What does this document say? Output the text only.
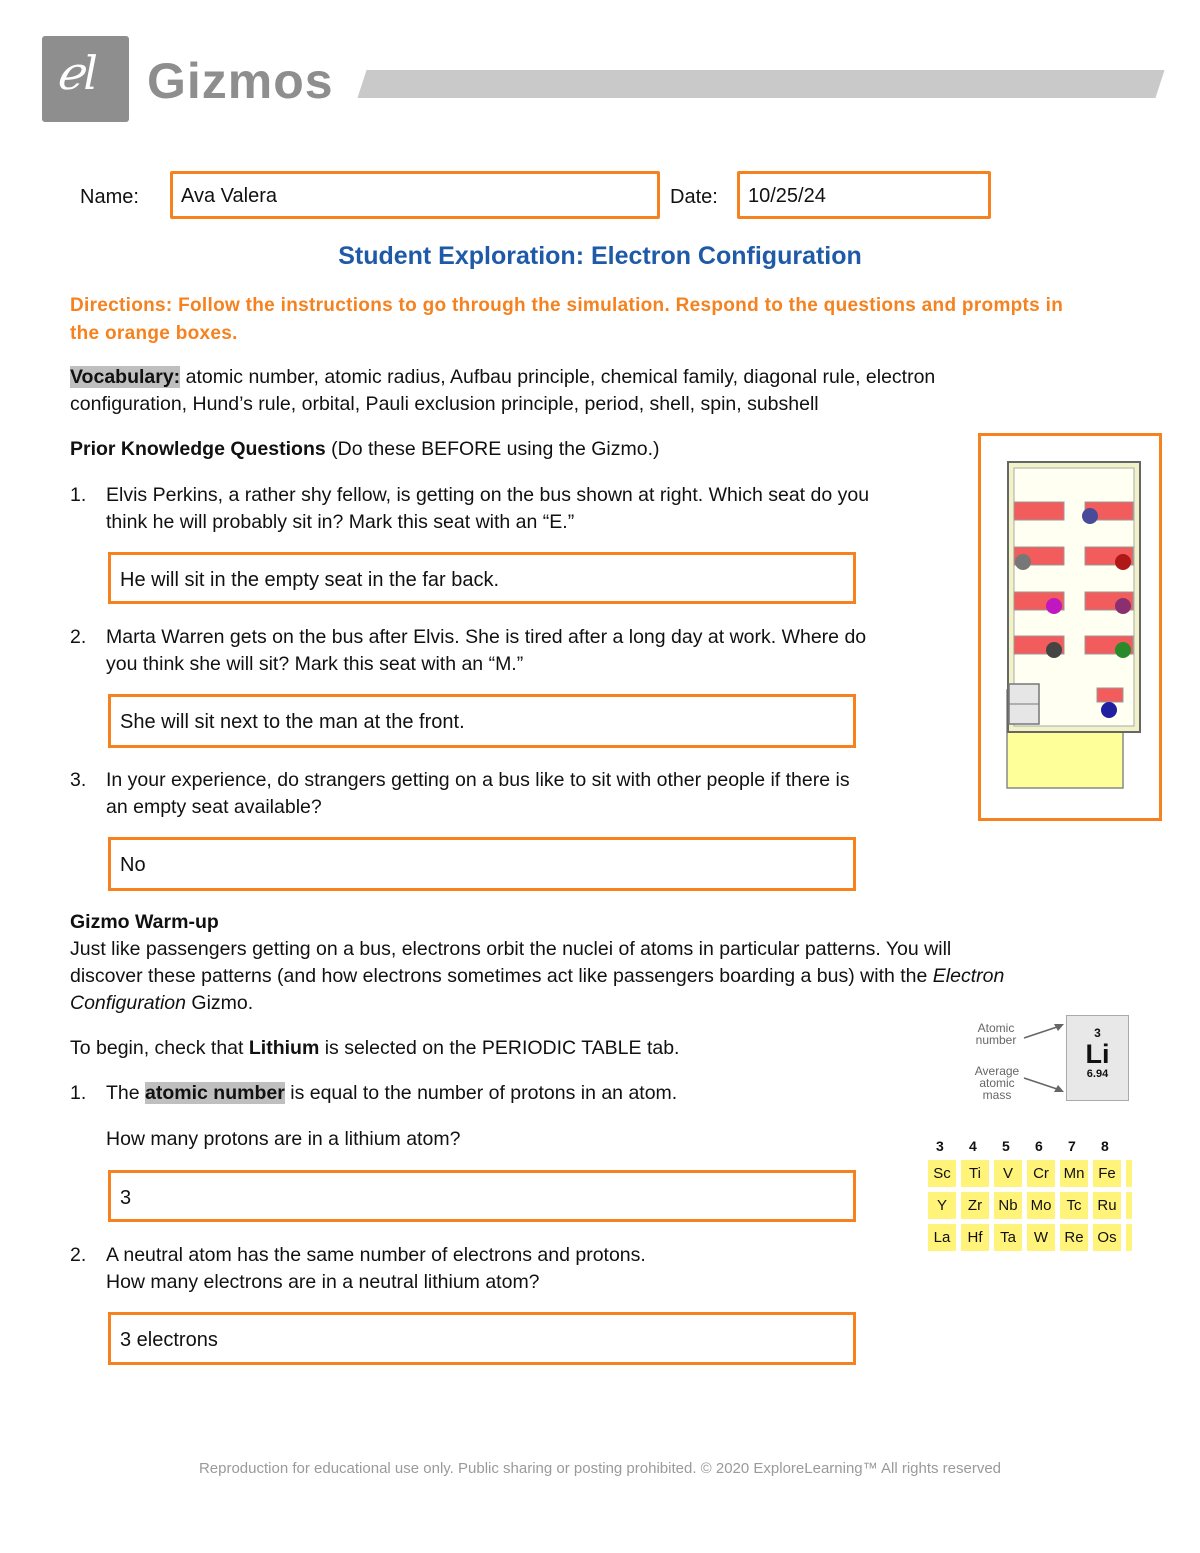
ℯl Gizmos
Name:	Ava Valera	Date:	10/25/24
Student Exploration: Electron Configuration
Directions: Follow the instructions to go through the simulation. Respond to the questions and prompts in the orange boxes.
Vocabulary: atomic number, atomic radius, Aufbau principle, chemical family, diagonal rule, electron configuration, Hund’s rule, orbital, Pauli exclusion principle, period, shell, spin, subshell
Prior Knowledge Questions (Do these BEFORE using the Gizmo.)
1.	Elvis Perkins, a rather shy fellow, is getting on the bus shown at right. Which seat do you
think he will probably sit in? Mark this seat with an “E.”
He will sit in the empty seat in the far back.
2.	Marta Warren gets on the bus after Elvis. She is tired after a long day at work. Where do
you think she will sit? Mark this seat with an “M.”
She will sit next to the man at the front.
3.	In your experience, do strangers getting on a bus like to sit with other people if there is
an empty seat available?
No
Gizmo Warm-up
Just like passengers getting on a bus, electrons orbit the nuclei of atoms in particular patterns. You will
discover these patterns (and how electrons sometimes act like passengers boarding a bus) with the Electron
Configuration Gizmo.
To begin, check that Lithium is selected on the PERIODIC TABLE tab.
1.	The atomic number is equal to the number of protons in an atom.
How many protons are in a lithium atom?
3
2.	A neutral atom has the same number of electrons and protons.
How many electrons are in a neutral lithium atom?
3 electrons
Atomic number
Average atomic mass
3
Li
6.94
3 4 5 6 7 8
Sc	Ti	V	Cr Mn Fe
Y	Zr	Nb Mo	Tc	Ru
La	Hf	Ta	W	Re Os
Reproduction for educational use only. Public sharing or posting prohibited. © 2020 ExploreLearning™ All rights reserved
